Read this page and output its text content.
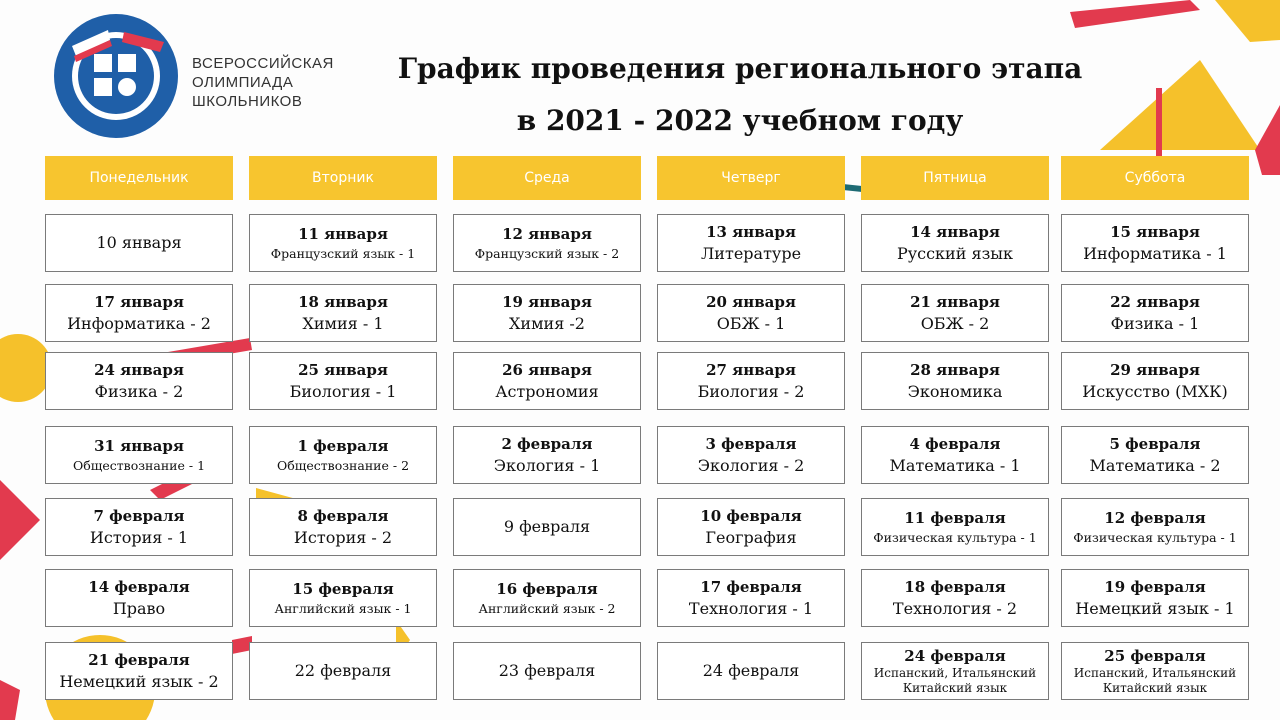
ВСЕРОССИЙСКАЯ
ОЛИМПИАДА
ШКОЛЬНИКОВ
График проведения регионального этапа
в 2021 - 2022 учебном году
Понедельник
10 января
17 января
Информатика - 2
24 января
Физика - 2
31 января
Обществознание - 1
7 февраля
История - 1
14 февраля
Право
21 февраля
Немецкий язык - 2
Вторник
11 января
Французский язык - 1
18 января
Химия - 1
25 января
Биология - 1
1 февраля
Обществознание - 2
8 февраля
История - 2
15 февраля
Английский язык - 1
22 февраля
Среда
12 января
Французский язык - 2
19 января
Химия -2
26 января
Астрономия
2 февраля
Экология - 1
9 февраля
16 февраля
Английский язык - 2
23 февраля
Четверг
13 января
Литературе
20 января
ОБЖ - 1
27 января
Биология - 2
3 февраля
Экология - 2
10 февраля
География
17 февраля
Технология - 1
24 февраля
Пятница
14 января
Русский язык
21 января
ОБЖ - 2
28 января
Экономика
4 февраля
Математика - 1
11 февраля
Физическая культура - 1
18 февраля
Технология - 2
24 февраля
Испанский, Итальянский Китайский язык
Суббота
15 января
Информатика - 1
22 января
Физика - 1
29 января
Искусство (МХК)
5 февраля
Математика - 2
12 февраля
Физическая культура - 1
19 февраля
Немецкий язык - 1
25 февраля
Испанский, Итальянский Китайский язык
